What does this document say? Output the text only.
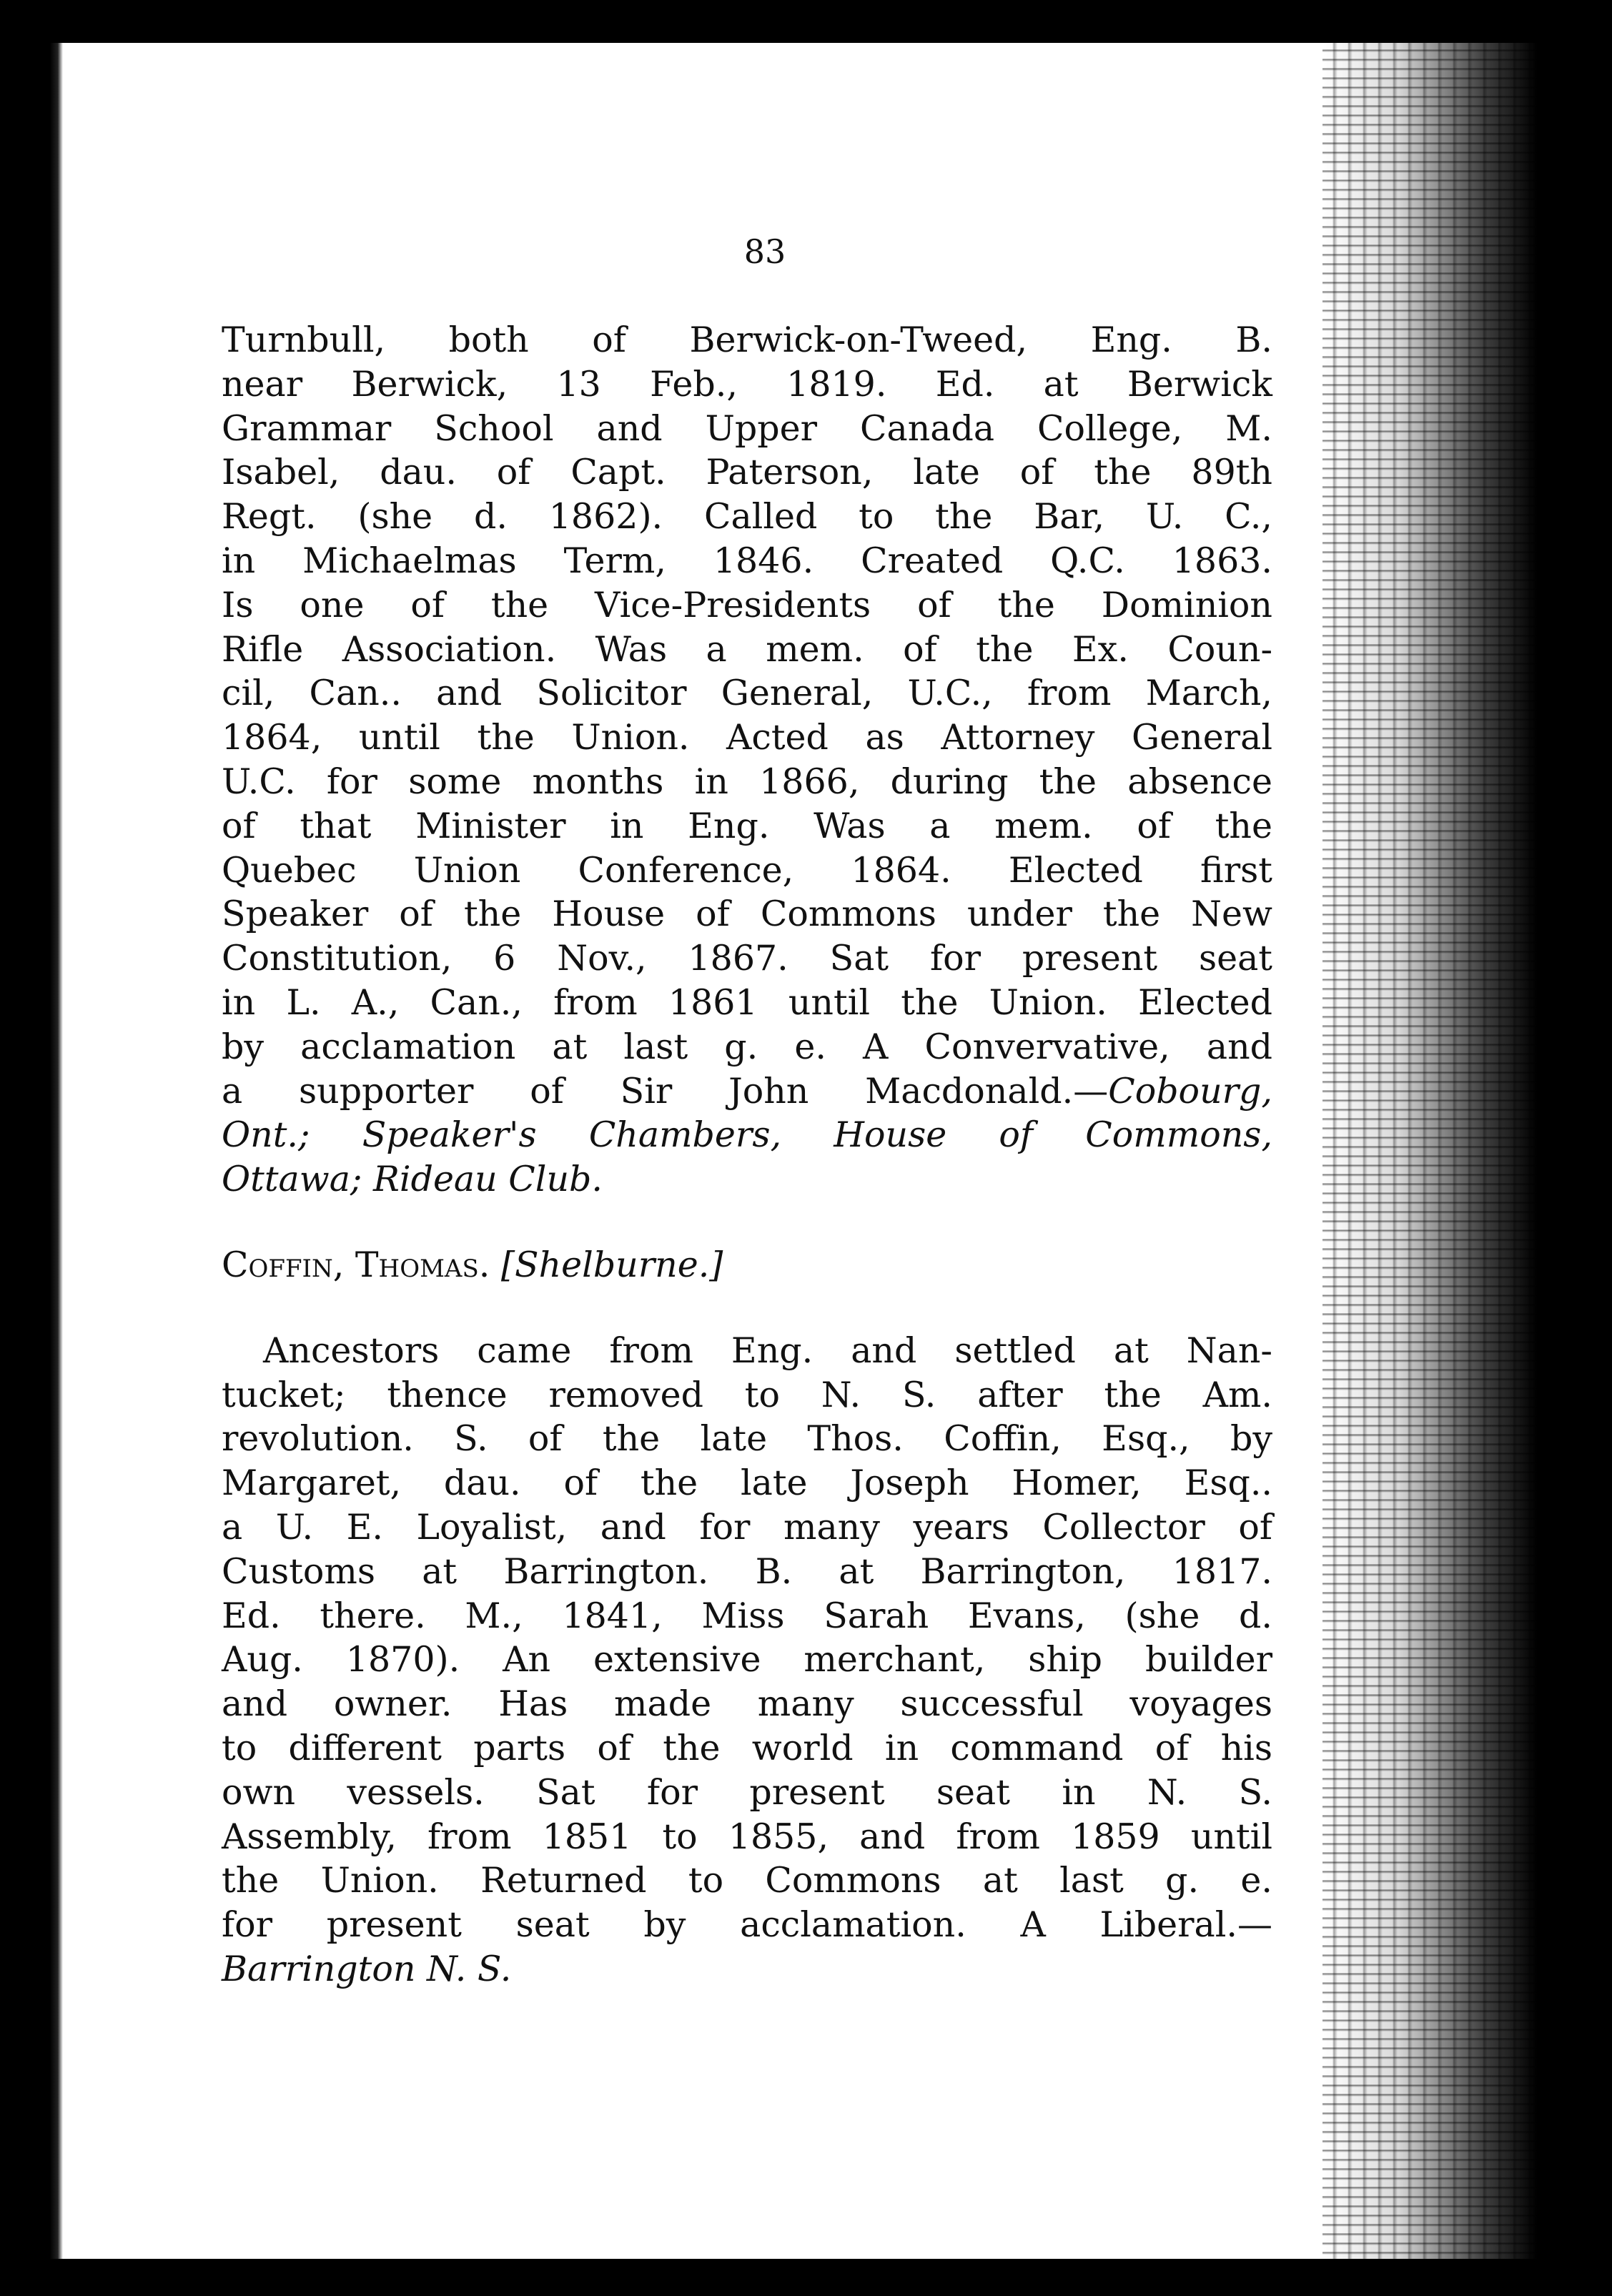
83
Turnbull, both of Berwick-on-Tweed, Eng. B.
near Berwick, 13 Feb., 1819. Ed. at Berwick
Grammar School and Upper Canada College, M.
Isabel, dau. of Capt. Paterson, late of the 89th
Regt. (she d. 1862). Called to the Bar, U. C.,
in Michaelmas Term, 1846. Created Q.C. 1863.
Is one of the Vice-Presidents of the Dominion
Rifle Association. Was a mem. of the Ex. Coun-
cil, Can.. and Solicitor General, U.C., from March,
1864, until the Union. Acted as Attorney General
U.C. for some months in 1866, during the absence
of that Minister in Eng. Was a mem. of the
Quebec Union Conference, 1864. Elected first
Speaker of the House of Commons under the New
Constitution, 6 Nov., 1867. Sat for present seat
in L. A., Can., from 1861 until the Union. Elected
by acclamation at last g. e. A Convervative, and
a supporter of Sir John Macdonald.—Cobourg,
Ont.; Speaker's Chambers, House of Commons,
Ottawa; Rideau Club.
Coffin, Thomas. [Shelburne.]
Ancestors came from Eng. and settled at Nan-
tucket; thence removed to N. S. after the Am.
revolution. S. of the late Thos. Coffin, Esq., by
Margaret, dau. of the late Joseph Homer, Esq..
a U. E. Loyalist, and for many years Collector of
Customs at Barrington. B. at Barrington, 1817.
Ed. there. M., 1841, Miss Sarah Evans, (she d.
Aug. 1870). An extensive merchant, ship builder
and owner. Has made many successful voyages
to different parts of the world in command of his
own vessels. Sat for present seat in N. S.
Assembly, from 1851 to 1855, and from 1859 until
the Union. Returned to Commons at last g. e.
for present seat by acclamation. A Liberal.—
Barrington N. S.
